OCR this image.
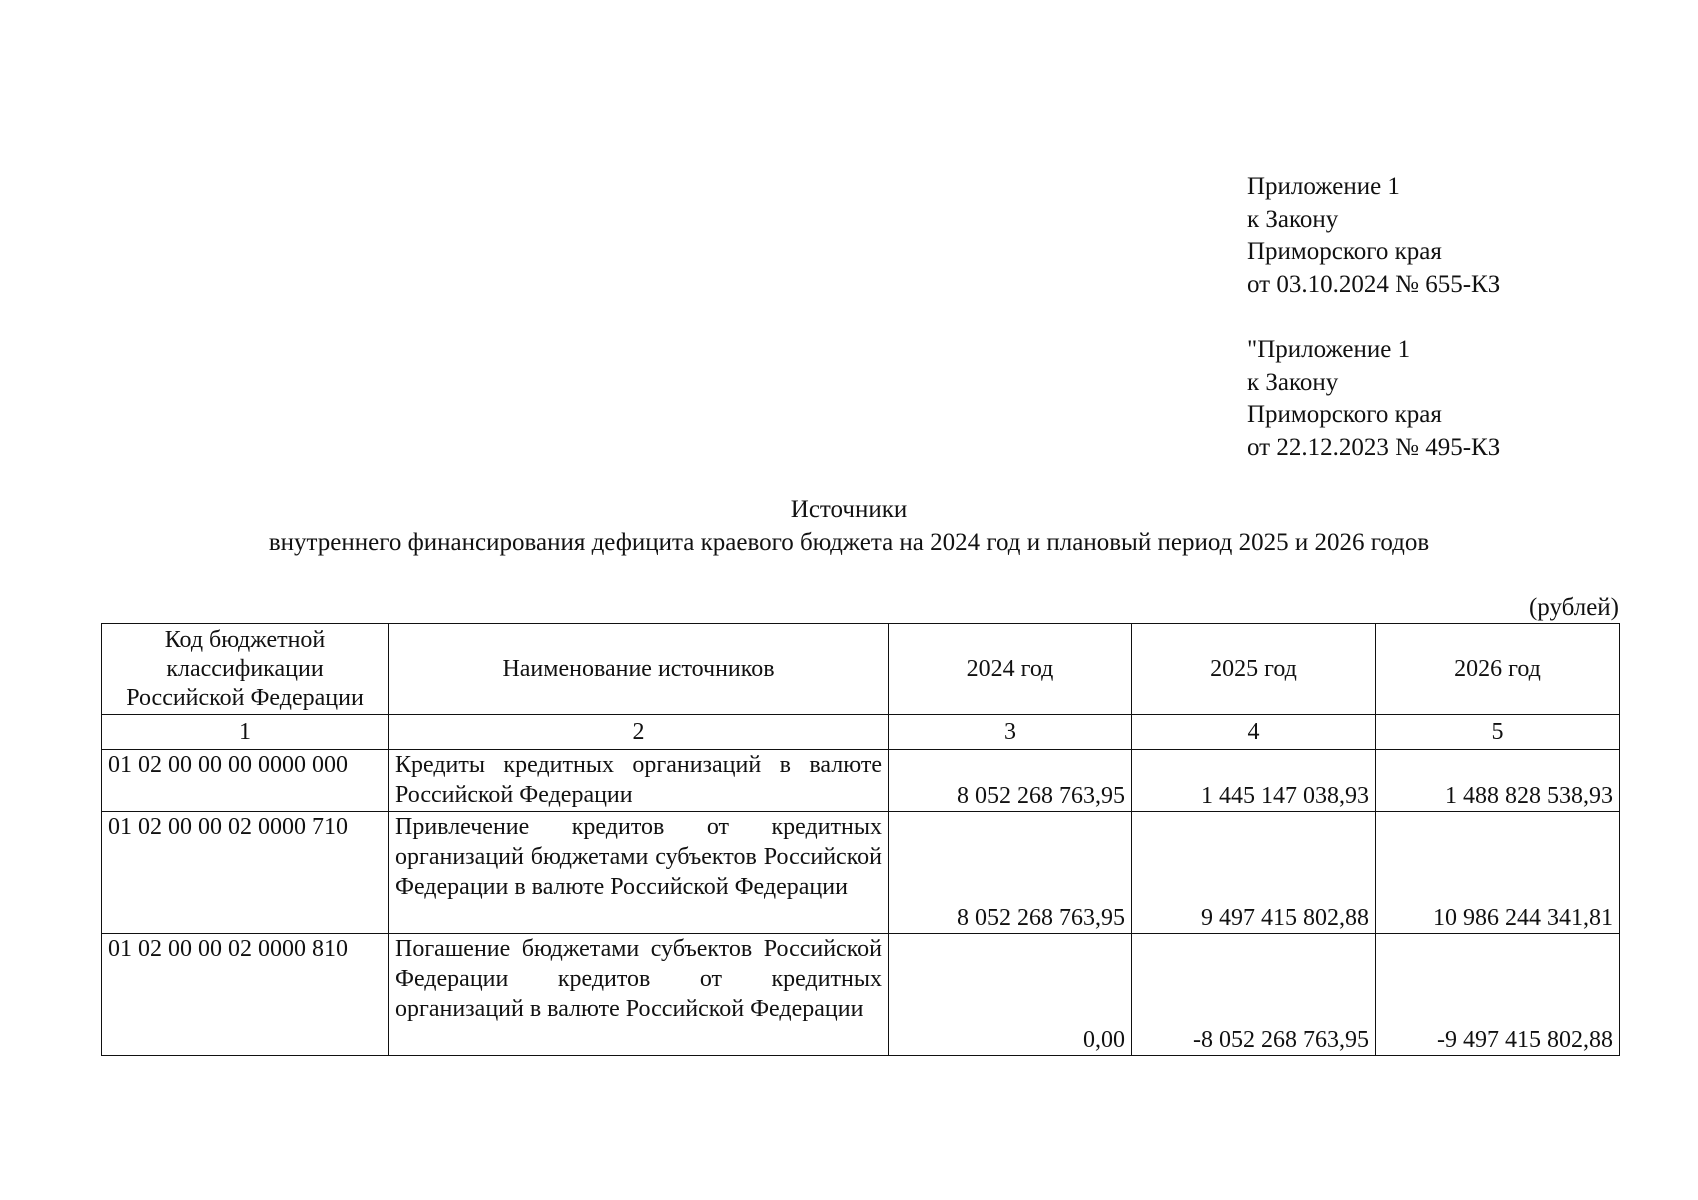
Приложение 1
к Закону
Приморского края
от 03.10.2024 № 655-КЗ
"Приложение 1
к Закону
Приморского края
от 22.12.2023 № 495-КЗ
Источники
внутреннего финансирования дефицита краевого бюджета на 2024 год и плановый период 2025 и 2026 годов
(рублей)
Код бюджетной классификации Российской Федерации	Наименование источников	2024 год	2025 год	2026 год
1	2	3	4	5
01 02 00 00 00 0000 000	Кредиты кредитных организаций в валюте Российской Федерации	8 052 268 763,95	1 445 147 038,93	1 488 828 538,93
01 02 00 00 02 0000 710	Привлечение кредитов от кредитных организаций бюджетами субъектов Российской Федерации в валюте Российской Федерации	8 052 268 763,95	9 497 415 802,88	10 986 244 341,81
01 02 00 00 02 0000 810	Погашение бюджетами субъектов Российской Федерации кредитов от кредитных организаций в валюте Российской Федерации	0,00	-8 052 268 763,95	-9 497 415 802,88
